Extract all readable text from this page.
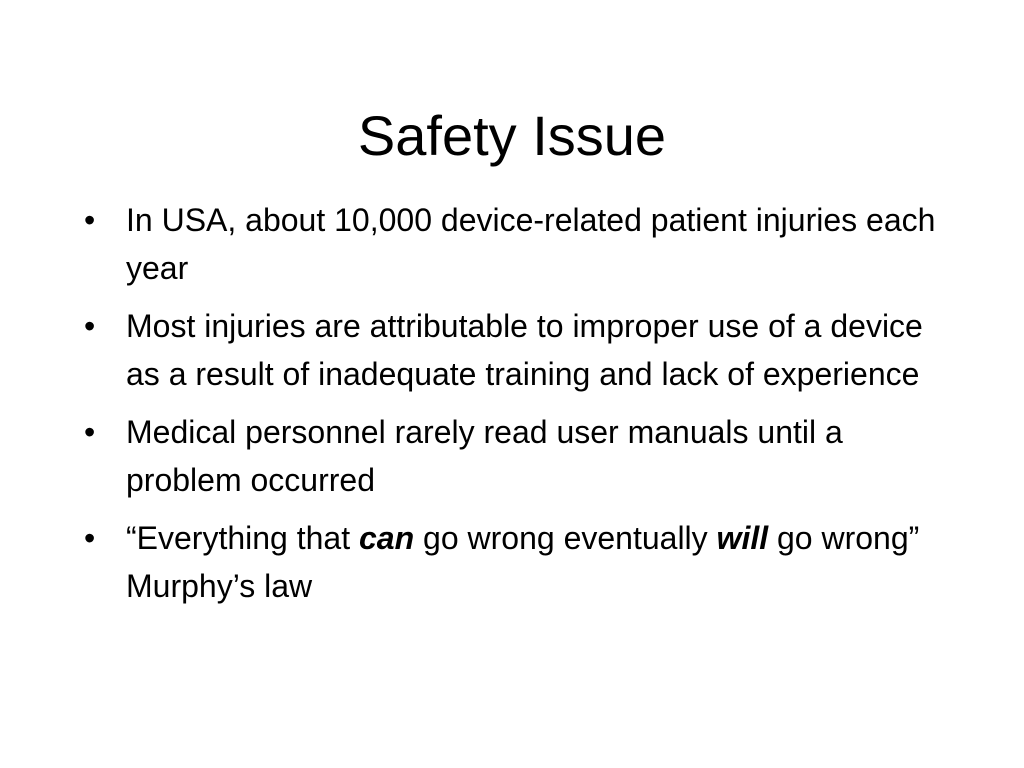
Safety Issue
• In USA, about 10,000 device-related patient injuries each year
• Most injuries are attributable to improper use of a device as a result of inadequate training and lack of experience
• Medical personnel rarely read user manuals until a problem occurred
• “Everything that can go wrong eventually will go wrong” Murphy’s law
